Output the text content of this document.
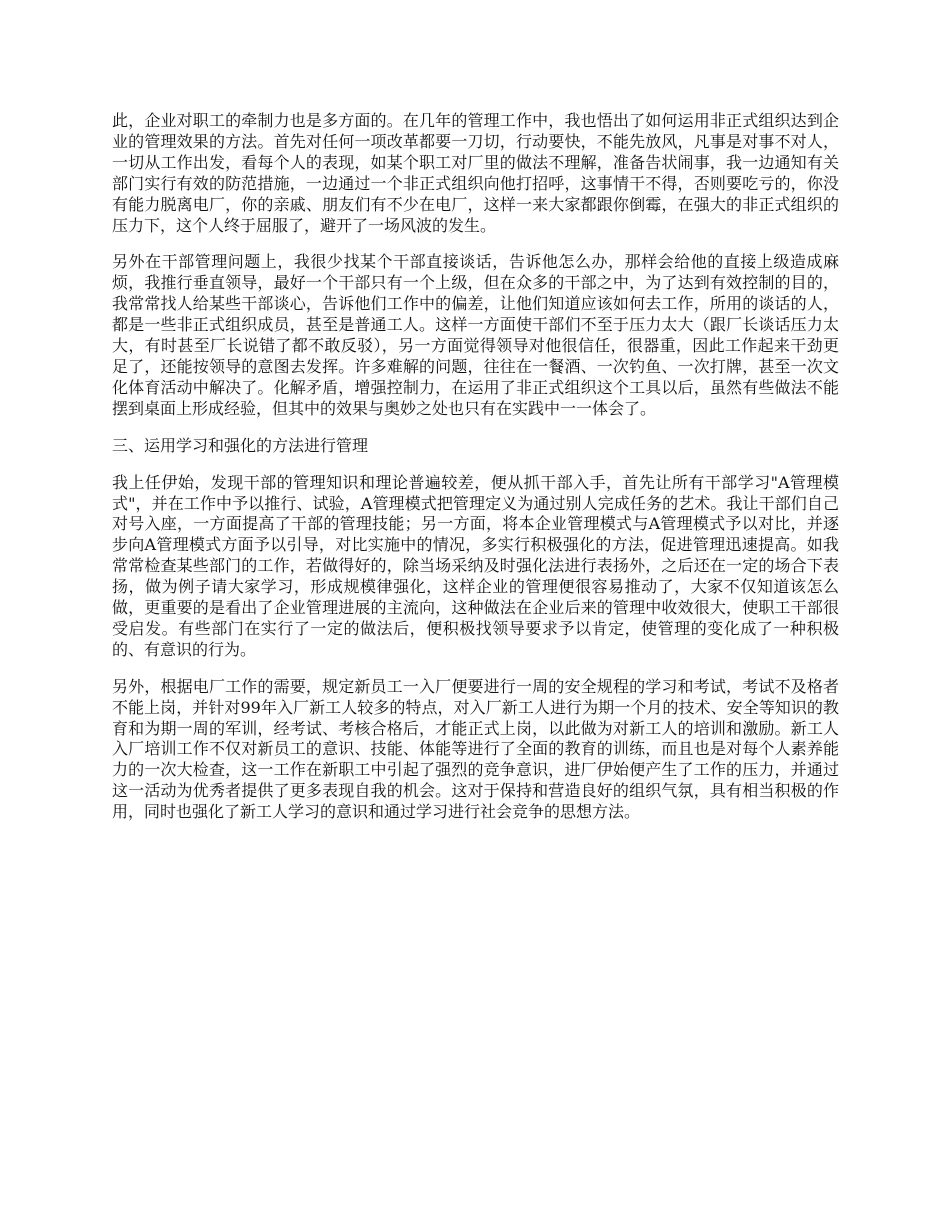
此，企业对职工的牵制力也是多方面的。在几年的管理工作中，我也悟出了如何运用非正式组织达到企业的管理效果的方法。首先对任何一项改革都要一刀切，行动要快，不能先放风，凡事是对事不对人，一切从工作出发，看每个人的表现，如某个职工对厂里的做法不理解，准备告状闹事，我一边通知有关部门实行有效的防范措施，一边通过一个非正式组织向他打招呼，这事情干不得，否则要吃亏的，你没有能力脱离电厂，你的亲戚、朋友们有不少在电厂，这样一来大家都跟你倒霉，在强大的非正式组织的压力下，这个人终于屈服了，避开了一场风波的发生。

另外在干部管理问题上，我很少找某个干部直接谈话，告诉他怎么办，那样会给他的直接上级造成麻烦，我推行垂直领导，最好一个干部只有一个上级，但在众多的干部之中，为了达到有效控制的目的，我常常找人给某些干部谈心，告诉他们工作中的偏差，让他们知道应该如何去工作，所用的谈话的人，都是一些非正式组织成员，甚至是普通工人。这样一方面使干部们不至于压力太大（跟厂长谈话压力太大，有时甚至厂长说错了都不敢反驳），另一方面觉得领导对他很信任，很器重，因此工作起来干劲更足了，还能按领导的意图去发挥。许多难解的问题，往往在一餐酒、一次钓鱼、一次打牌，甚至一次文化体育活动中解决了。化解矛盾，增强控制力，在运用了非正式组织这个工具以后，虽然有些做法不能摆到桌面上形成经验，但其中的效果与奥妙之处也只有在实践中一一体会了。

三、运用学习和强化的方法进行管理

我上任伊始，发现干部的管理知识和理论普遍较差，便从抓干部入手，首先让所有干部学习"A管理模式"，并在工作中予以推行、试验，A管理模式把管理定义为通过别人完成任务的艺术。我让干部们自己对号入座，一方面提高了干部的管理技能；另一方面，将本企业管理模式与A管理模式予以对比，并逐步向A管理模式方面予以引导，对比实施中的情况，多实行积极强化的方法，促进管理迅速提高。如我常常检查某些部门的工作，若做得好的，除当场采纳及时强化法进行表扬外，之后还在一定的场合下表扬，做为例子请大家学习，形成规模律强化，这样企业的管理便很容易推动了，大家不仅知道该怎么做，更重要的是看出了企业管理进展的主流向，这种做法在企业后来的管理中收效很大，使职工干部很受启发。有些部门在实行了一定的做法后，便积极找领导要求予以肯定，使管理的变化成了一种积极的、有意识的行为。

另外，根据电厂工作的需要，规定新员工一入厂便要进行一周的安全规程的学习和考试，考试不及格者不能上岗，并针对99年入厂新工人较多的特点，对入厂新工人进行为期一个月的技术、安全等知识的教育和为期一周的军训，经考试、考核合格后，才能正式上岗，以此做为对新工人的培训和激励。新工人入厂培训工作不仅对新员工的意识、技能、体能等进行了全面的教育的训练，而且也是对每个人素养能力的一次大检查，这一工作在新职工中引起了强烈的竞争意识，进厂伊始便产生了工作的压力，并通过这一活动为优秀者提供了更多表现自我的机会。这对于保持和营造良好的组织气氛，具有相当积极的作用，同时也强化了新工人学习的意识和通过学习进行社会竞争的思想方法。
